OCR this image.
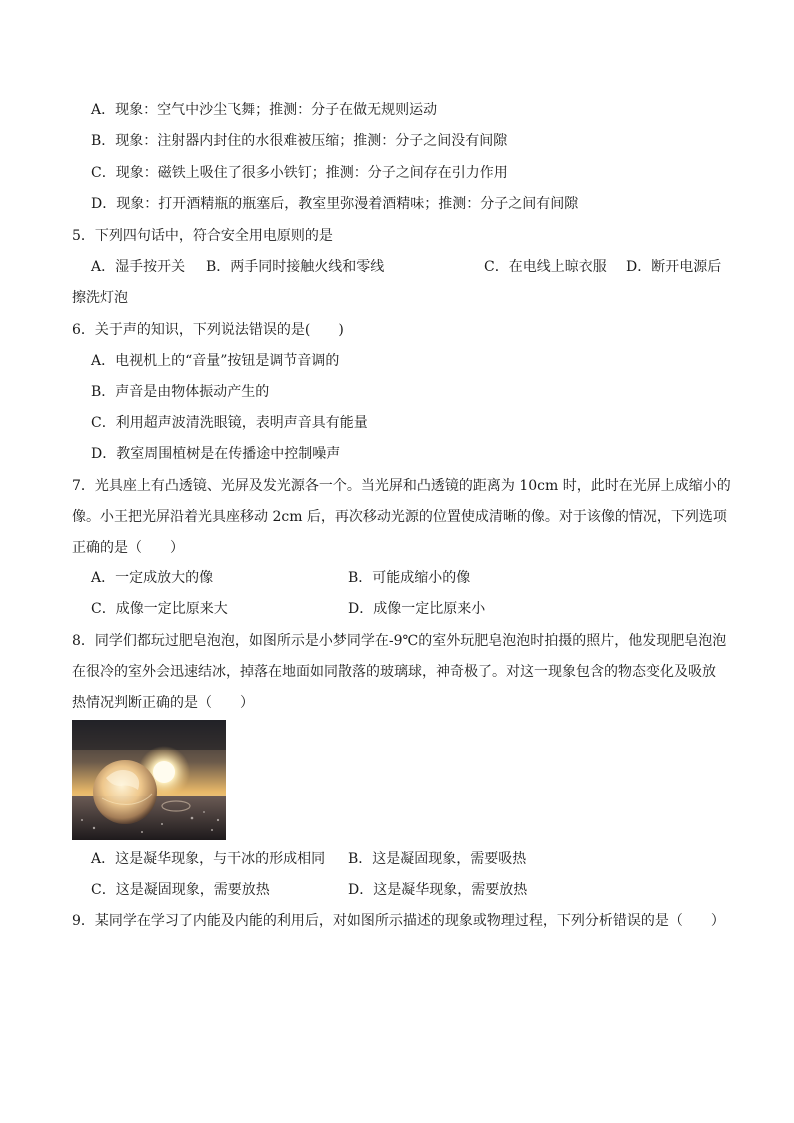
A．现象：空气中沙尘飞舞；推测：分子在做无规则运动
B．现象：注射器内封住的水很难被压缩；推测：分子之间没有间隙
C．现象：磁铁上吸住了很多小铁钉；推测：分子之间存在引力作用
D．现象：打开酒精瓶的瓶塞后，教室里弥漫着酒精味；推测：分子之间有间隙
5．下列四句话中，符合安全用电原则的是
A．湿手按开关 B．两手同时接触火线和零线	C．在电线上晾衣服 D．断开电源后
擦洗灯泡
6．关于声的知识，下列说法错误的是(　　)
A．电视机上的“音量”按钮是调节音调的
B．声音是由物体振动产生的
C．利用超声波清洗眼镜，表明声音具有能量
D．教室周围植树是在传播途中控制噪声
7．光具座上有凸透镜、光屏及发光源各一个。当光屏和凸透镜的距离为 10cm 时，此时在光屏上成缩小的
像。小王把光屏沿着光具座移动 2cm 后，再次移动光源的位置使成清晰的像。对于该像的情况，下列选项
正确的是（　　）
A．一定成放大的像	B．可能成缩小的像
C．成像一定比原来大	D．成像一定比原来小
8．同学们都玩过肥皂泡泡，如图所示是小梦同学在-9℃的室外玩肥皂泡泡时拍摄的照片，他发现肥皂泡泡
在很冷的室外会迅速结冰，掉落在地面如同散落的玻璃球，神奇极了。对这一现象包含的物态变化及吸放
热情况判断正确的是（　　）
A．这是凝华现象，与干冰的形成相同 B．这是凝固现象，需要吸热
C．这是凝固现象，需要放热	D．这是凝华现象，需要放热
9．某同学在学习了内能及内能的利用后，对如图所示描述的现象或物理过程，下列分析错误的是（　　）
